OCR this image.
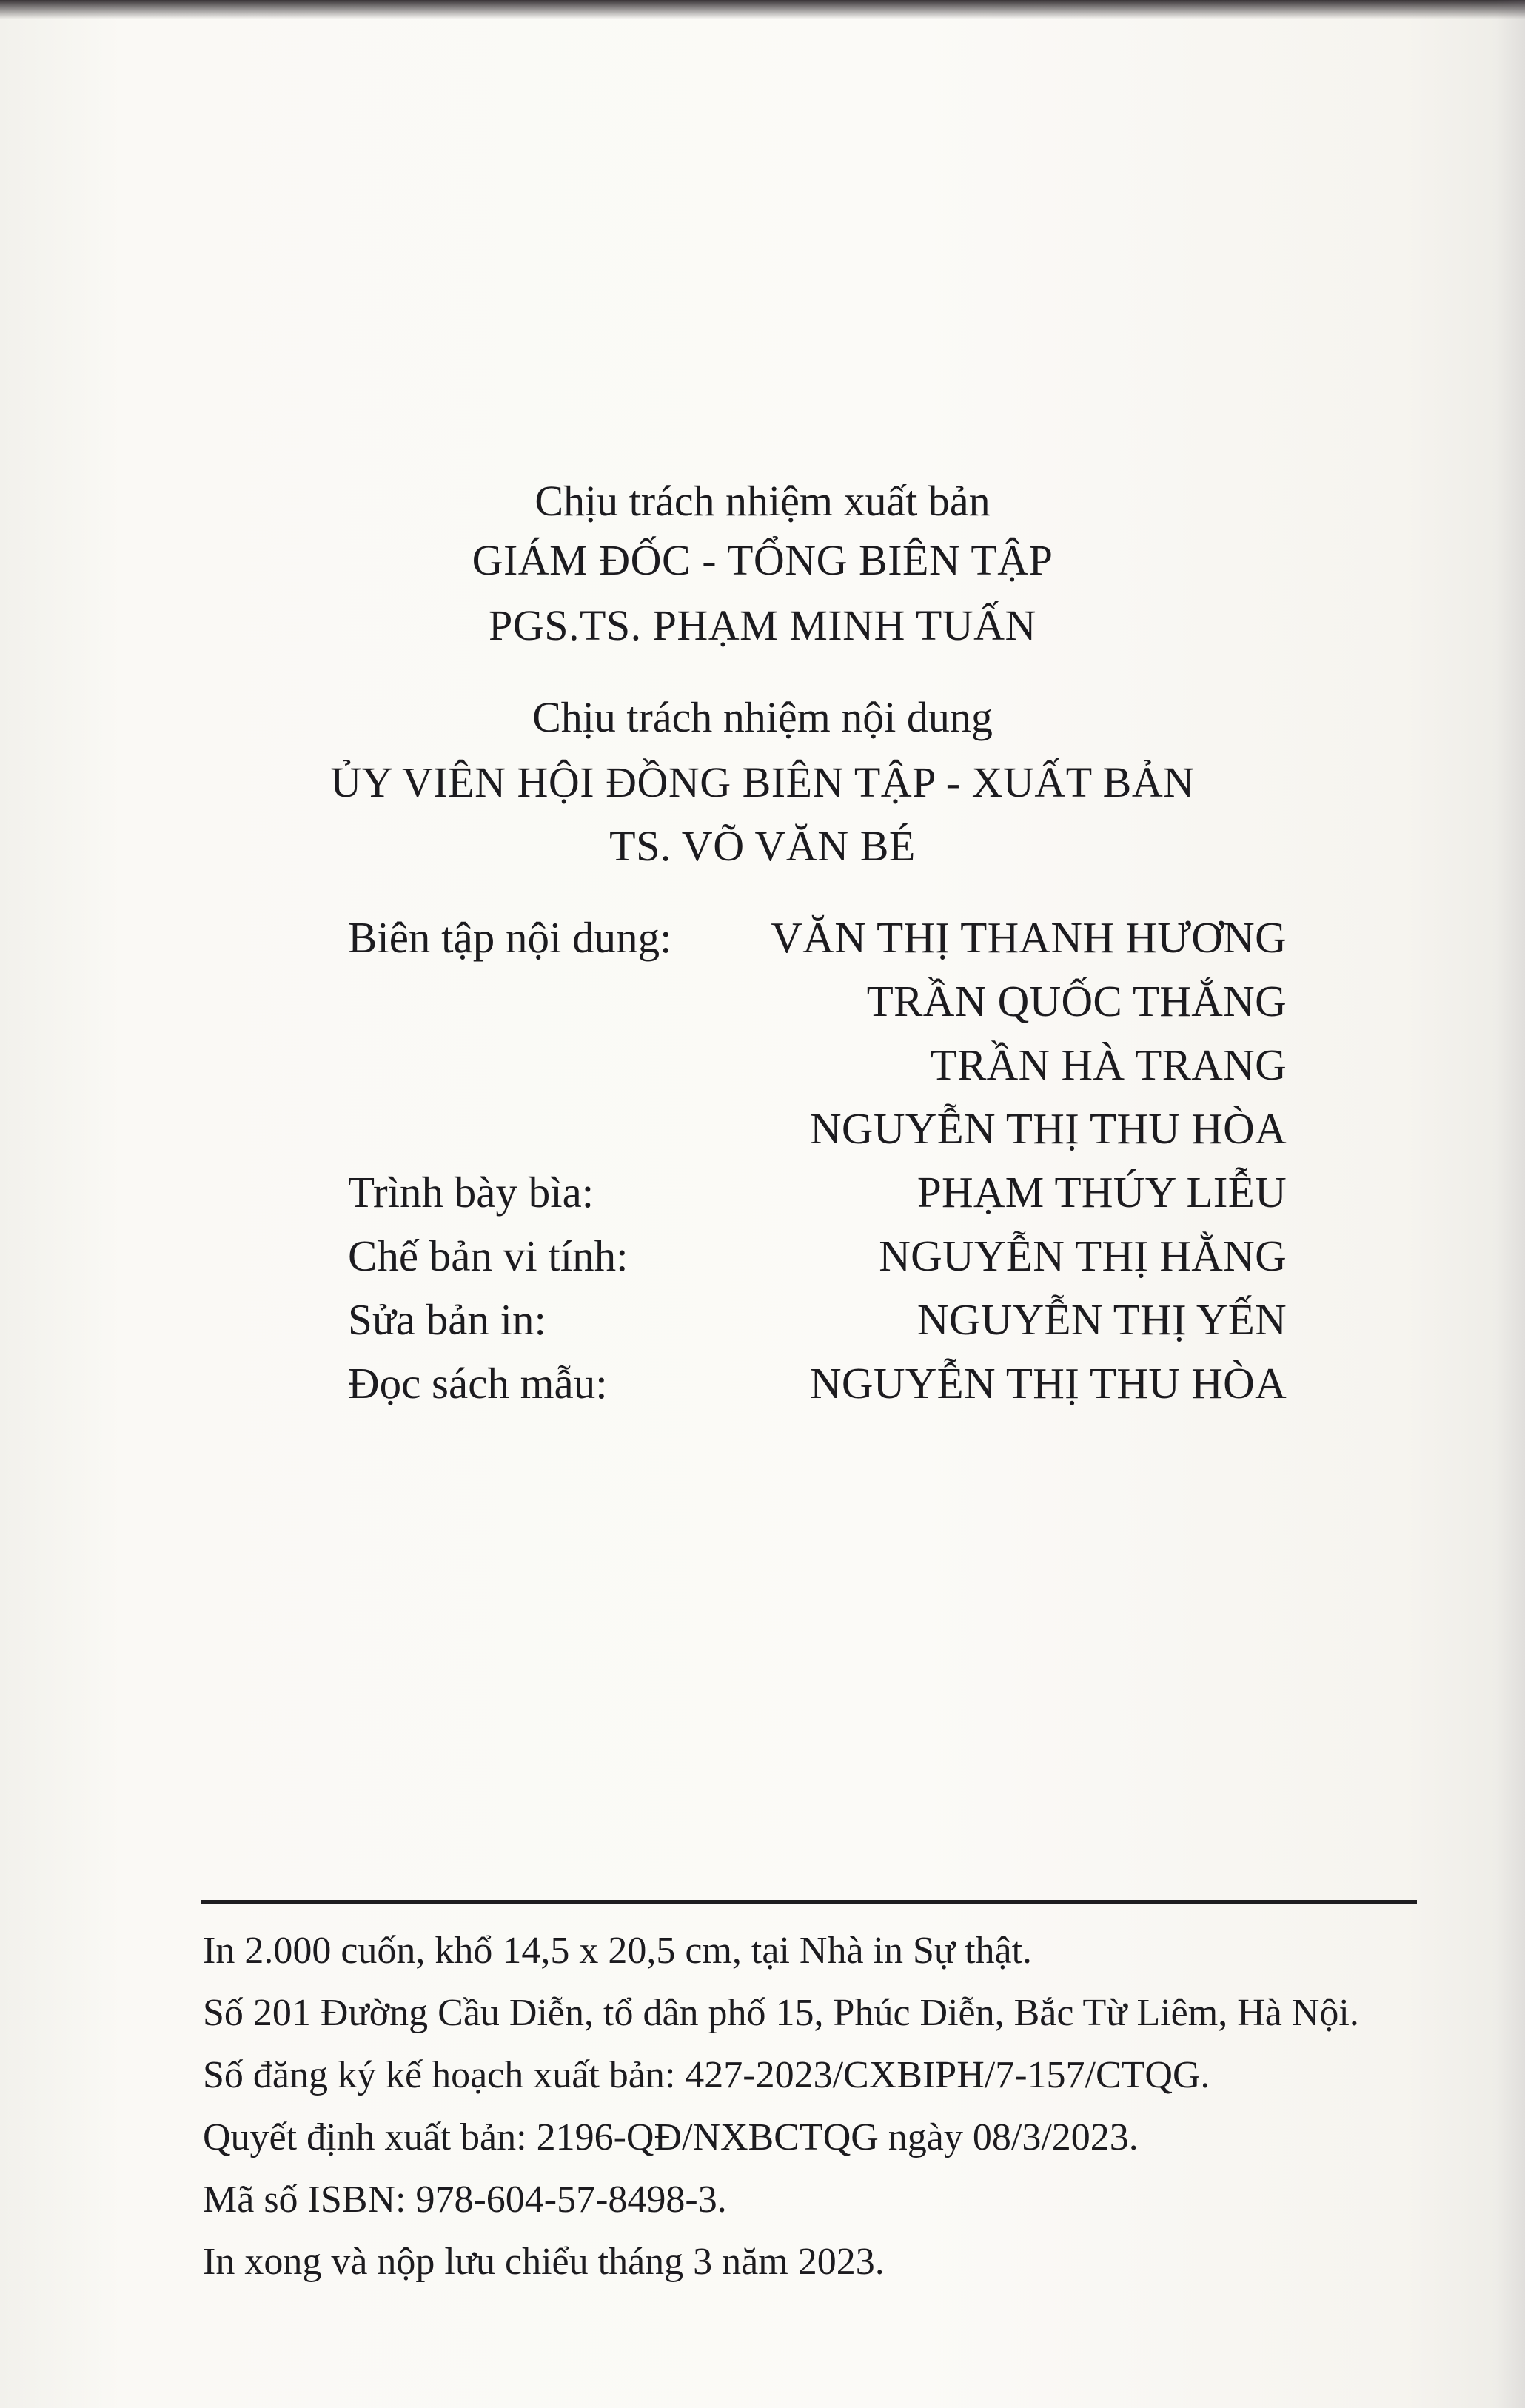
Chịu trách nhiệm xuất bản
GIÁM ĐỐC - TỔNG BIÊN TẬP
PGS.TS. PHẠM MINH TUẤN
Chịu trách nhiệm nội dung
ỦY VIÊN HỘI ĐỒNG BIÊN TẬP - XUẤT BẢN
TS. VÕ VĂN BÉ
Biên tập nội dung: VĂN THỊ THANH HƯƠNG
TRẦN QUỐC THẮNG
TRẦN HÀ TRANG
NGUYỄN THỊ THU HÒA
Trình bày bìa:	PHẠM THÚY LIỄU
Chế bản vi tính:	NGUYỄN THỊ HẰNG
Sửa bản in:	NGUYỄN THỊ YẾN
Đọc sách mẫu:	NGUYỄN THỊ THU HÒA
In 2.000 cuốn, khổ 14,5 x 20,5 cm, tại Nhà in Sự thật.
Số 201 Đường Cầu Diễn, tổ dân phố 15, Phúc Diễn, Bắc Từ Liêm, Hà Nội.
Số đăng ký kế hoạch xuất bản: 427-2023/CXBIPH/7-157/CTQG.
Quyết định xuất bản: 2196-QĐ/NXBCTQG ngày 08/3/2023.
Mã số ISBN: 978-604-57-8498-3.
In xong và nộp lưu chiểu tháng 3 năm 2023.
